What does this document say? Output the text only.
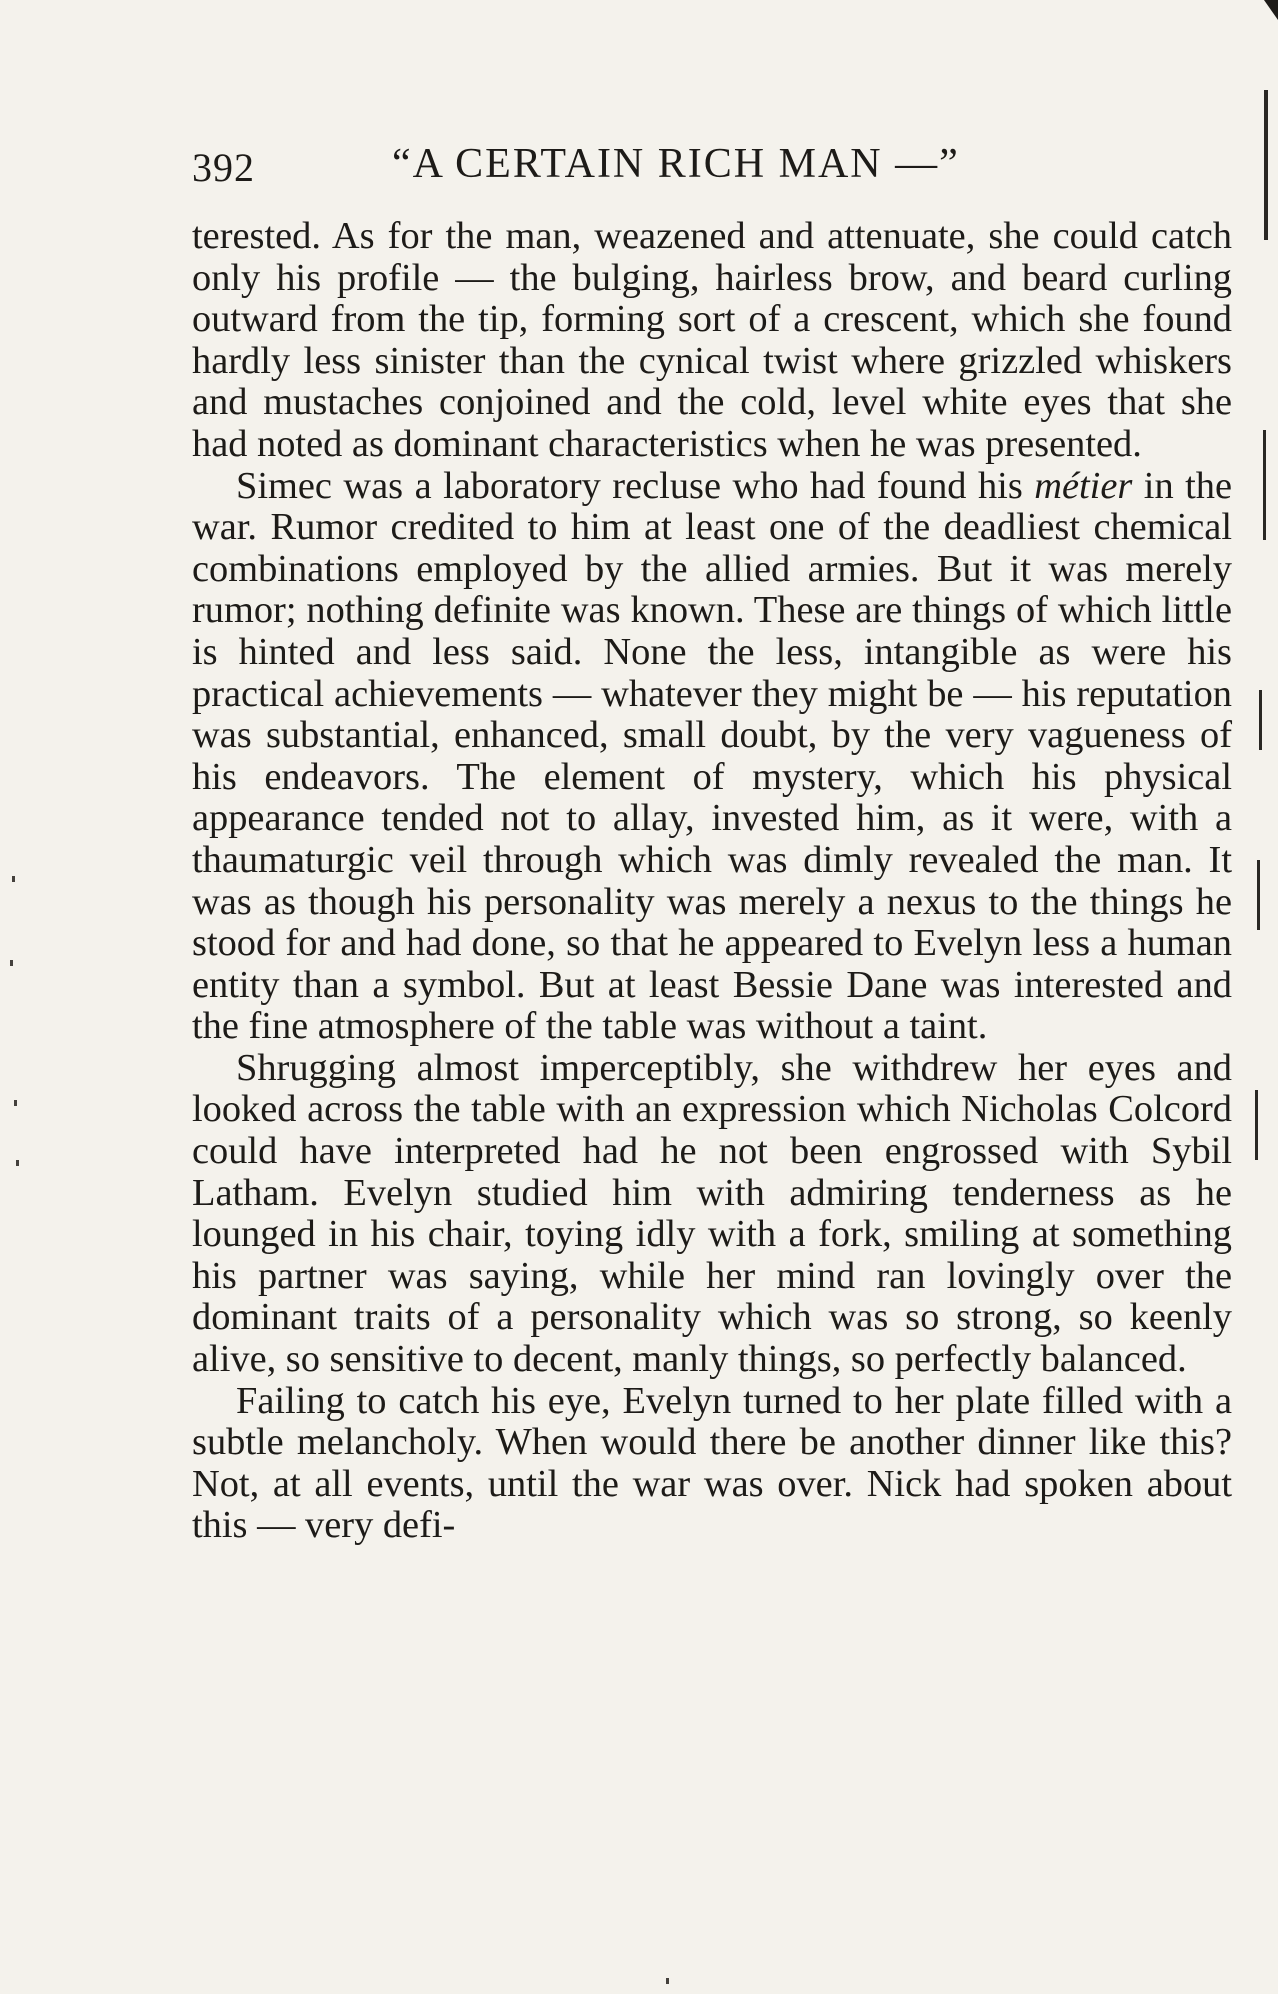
392	“A CERTAIN RICH MAN —”

terested. As for the man, weazened and attenuate, she could catch only his profile — the bulging, hairless brow, and beard curling outward from the tip, forming sort of a crescent, which she found hardly less sinister than the cynical twist where grizzled whiskers and mustaches conjoined and the cold, level white eyes that she had noted as dominant characteristics when he was presented.

Simec was a laboratory recluse who had found his métier in the war. Rumor credited to him at least one of the deadliest chemical combinations employed by the allied armies. But it was merely rumor; nothing definite was known. These are things of which little is hinted and less said. None the less, intangible as were his practical achievements — whatever they might be — his reputation was substantial, enhanced, small doubt, by the very vagueness of his endeavors. The element of mystery, which his physical appearance tended not to allay, invested him, as it were, with a thaumaturgic veil through which was dimly revealed the man. It was as though his personality was merely a nexus to the things he stood for and had done, so that he appeared to Evelyn less a human entity than a symbol. But at least Bessie Dane was interested and the fine atmosphere of the table was without a taint.

Shrugging almost imperceptibly, she withdrew her eyes and looked across the table with an expression which Nicholas Colcord could have interpreted had he not been engrossed with Sybil Latham. Evelyn studied him with admiring tenderness as he lounged in his chair, toying idly with a fork, smiling at something his partner was saying, while her mind ran lovingly over the dominant traits of a personality which was so strong, so keenly alive, so sensitive to decent, manly things, so perfectly balanced.

Failing to catch his eye, Evelyn turned to her plate filled with a subtle melancholy. When would there be another dinner like this? Not, at all events, until the war was over. Nick had spoken about this — very defi-
